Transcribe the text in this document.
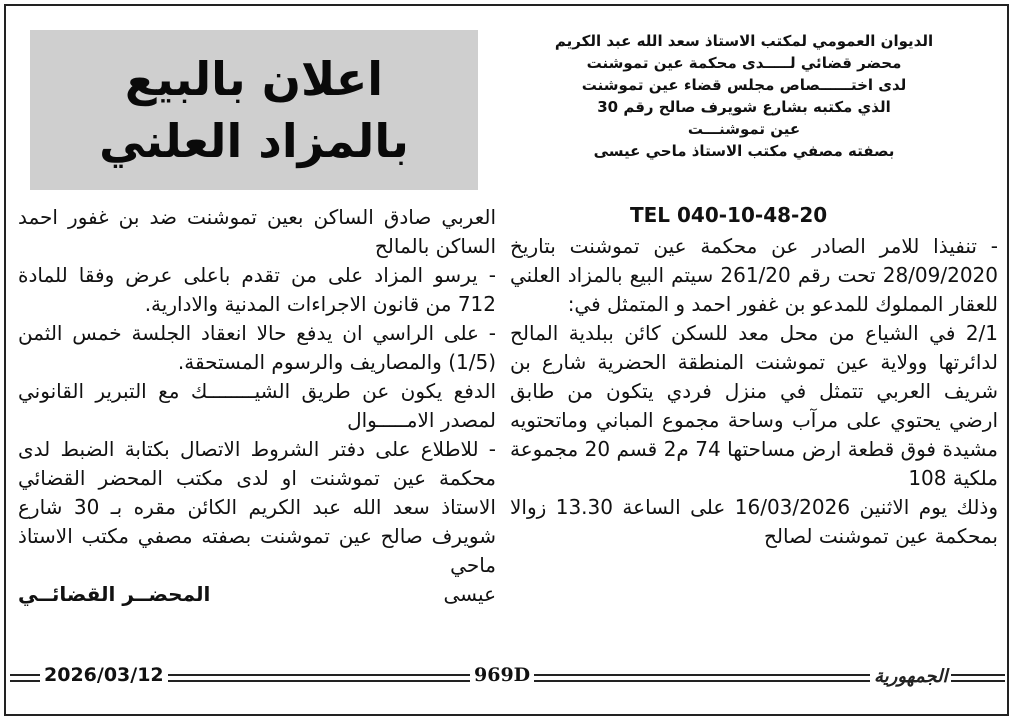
اعلان بالبيع
بالمزاد العلني
الديوان العمومي لمكتب الاستاذ سعد الله عبد الكريم
محضر قضائي لـــــدى محكمة عين تموشنت
لدى اختــــــصاص مجلس قضاء عين تموشنت
الذي مكتبه بشارع شويرف صالح رقم 30
عين تموشنـــت
بصفته مصفي مكتب الاستاذ ماحي عيسى
TEL 040-10-48-20

- تنفيذا للامر الصادر عن محكمة عين تموشنت بتاريخ 28/09/2020 تحت رقم 261/20 سيتم البيع بالمزاد العلني للعقار المملوك للمدعو بن غفور احمد و المتمثل في:

2/1 في الشياع من محل معد للسكن كائن ببلدية المالح لدائرتها وولاية عين تموشنت المنطقة الحضرية شارع بن شريف العربي تتمثل في منزل فردي يتكون من طابق ارضي يحتوي على مرآب وساحة مجموع المباني وماتحتويه مشيدة فوق قطعة ارض مساحتها 74 م2 قسم 20 مجموعة ملكية 108

وذلك يوم الاثنين 16/03/2026 على الساعة 13.30 زوالا بمحكمة عين تموشنت لصالح

العربي صادق الساكن بعين تموشنت ضد بن غفور احمد الساكن بالمالح

- يرسو المزاد على من تقدم باعلى عرض وفقا للمادة 712 من قانون الاجراءات المدنية والادارية.

- على الراسي ان يدفع حالا انعقاد الجلسة خمس الثمن (1/5) والمصاريف والرسوم المستحقة.

الدفع يكون عن طريق الشيــــــــك مع التبرير القانوني لمصدر الامـــــوال

- للاطلاع على دفتر الشروط الاتصال بكتابة الضبط لدى محكمة عين تموشنت او لدى مكتب المحضر القضائي الاستاذ سعد الله عبد الكريم الكائن مقره بـ 30 شارع شويرف صالح عين تموشنت بصفته مصفي مكتب الاستاذ ماحي

عيسى
المحضــر القضائــي
2026/03/12	969D	الجمهورية
